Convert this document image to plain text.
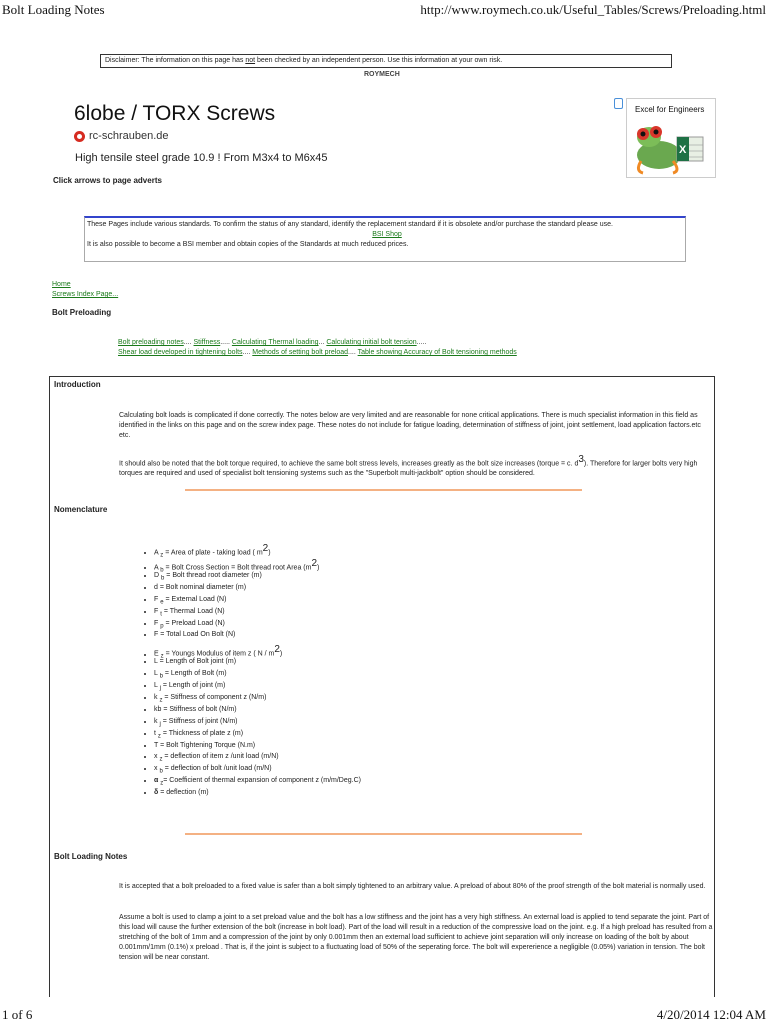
Bolt Loading Notes	http://www.roymech.co.uk/Useful_Tables/Screws/Preloading.html
1 of 6	4/20/2014 12:04 AM
Disclaimer: The information on this page has not been checked by an independent person. Use this information at your own risk.
ROYMECH
6lobe / TORX Screws
rc-schrauben.de
High tensile steel grade 10.9 ! From M3x4 to M6x45
Excel for Engineers
X
Click arrows to page adverts
These Pages include various standards. To confirm the status of any standard, identify the replacement standard if it is obsolete and/or purchase the standard please use.
BSI Shop
It is also possible to become a BSI member and obtain copies of the Standards at much reduced prices.
Home
Screws Index Page...
Bolt Preloading
Bolt preloading notes.... Stiffness..... Calculating Thermal loading... Calculating initial bolt tension.....
Shear load developed in tightening bolts.... Methods of setting bolt preload.... Table showing Accuracy of Bolt tensioning methods
Introduction
Calculating bolt loads is complicated if done correctly. The notes below are very limited and are reasonable for none critical applications. There is much specialist information in this field as identified in the links on this page and on the screw index page. These notes do not include for fatigue loading, determination of stiffness of joint, joint settlement, load application factors.etc etc.
It should also be noted that the bolt torque required, to achieve the same bolt stress levels, increases greatly as the bolt size increases (torque = c. $d^3$). Therefore for larger bolts very high torques are required and used of specialist bolt tensioning systems such as the "Superbolt multi-jackbolt" option should be considered.
Nomenclature
• A $_z$ = Area of plate - taking load ( $m^2$)
• A $_b$ = Bolt Cross Section = Bolt thread root Area $(m^2)$
• D $_b$ = Bolt thread root diameter (m)
• d = Bolt nominal diameter (m)
• F $_e$ = External Load (N)
• F $_t$ = Thermal Load (N)
• F $_p$ = Preload Load (N)
• F = Total Load On Bolt (N)
• E $_z$ = Youngs Modulus of item z ( N / $m^2$)
• L = Length of Bolt joint (m)
• L $_b$ = Length of Bolt (m)
• L $_j$ = Length of joint (m)
• k $_z$ = Stiffness of component z (N/m)
• kb = Stiffness of bolt (N/m)
• k $_j$ = Stiffness of joint (N/m)
• t $_z$ = Thickness of plate z (m)
• T = Bolt Tightening Torque (N.m)
• x $_z$ = deflection of item z /unit load (m/N)
• x $_b$ = deflection of bolt /unit load (m/N)
• α $_z$= Coefficient of thermal expansion of component z (m/m/Deg.C)
• δ = deflection (m)
Bolt Loading Notes
It is accepted that a bolt preloaded to a fixed value is safer than a bolt simply tightened to an arbitrary value. A preload of about 80% of the proof strength of the bolt material is normally used.
Assume a bolt is used to clamp a joint to a set preload value and the bolt has a low stiffness and the joint has a very high stiffness. An external load is applied to tend separate the joint. Part of this load will cause the further extension of the bolt (increase in bolt load). Part of the load will result in a reduction of the compressive load on the joint. e.g. If a high preload has resulted from a stretching of the bolt of 1mm and a compression of the joint by only 0.001mm then an external load sufficient to achieve joint separation will only increase on loading of the bolt by about 0.001mm/1mm (0.1%) x preload . That is, if the joint is subject to a fluctuating load of 50% of the seperating force. The bolt will expererience a negligible (0.05%) variation in tension. The bolt tension will be near constant.
